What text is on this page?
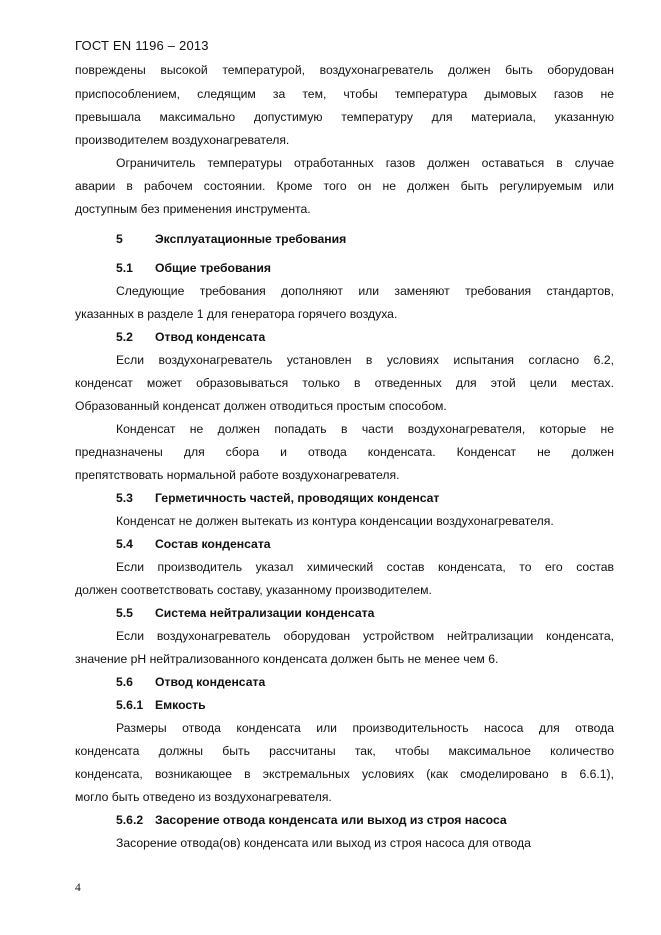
ГОСТ EN 1196 – 2013
повреждены высокой температурой, воздухонагреватель должен быть оборудован
приспособлением, следящим за тем, чтобы температура дымовых газов не
превышала максимально допустимую температуру для материала, указанную
производителем воздухонагревателя.
Ограничитель температуры отработанных газов должен оставаться в случае
аварии в рабочем состоянии. Кроме того он не должен быть регулируемым или
доступным без применения инструмента.
5	Эксплуатационные требования
5.1 Общие требования
Следующие требования дополняют или заменяют требования стандартов,
указанных в разделе 1 для генератора горячего воздуха.
5.2 Отвод конденсата
Если воздухонагреватель установлен в условиях испытания согласно 6.2,
конденсат может образовываться только в отведенных для этой цели местах.
Образованный конденсат должен отводиться простым способом.
Конденсат не должен попадать в части воздухонагревателя, которые не
предназначены для сбора и отвода конденсата. Конденсат не должен
препятствовать нормальной работе воздухонагревателя.
5.3 Герметичность частей, проводящих конденсат
Конденсат не должен вытекать из контура конденсации воздухонагревателя.
5.4 Состав конденсата
Если производитель указал химический состав конденсата, то его состав
должен соответствовать составу, указанному производителем.
5.5 Система нейтрализации конденсата
Если воздухонагреватель оборудован устройством нейтрализации конденсата,
значение pH нейтрализованного конденсата должен быть не менее чем 6.
5.6 Отвод конденсата
5.6.1 Емкость
Размеры отвода конденсата или производительность насоса для отвода
конденсата должны быть рассчитаны так, чтобы максимальное количество
конденсата, возникающее в экстремальных условиях (как смоделировано в 6.6.1),
могло быть отведено из воздухонагревателя.
5.6.2 Засорение отвода конденсата или выход из строя насоса
Засорение отвода(ов) конденсата или выход из строя насоса для отвода
4
